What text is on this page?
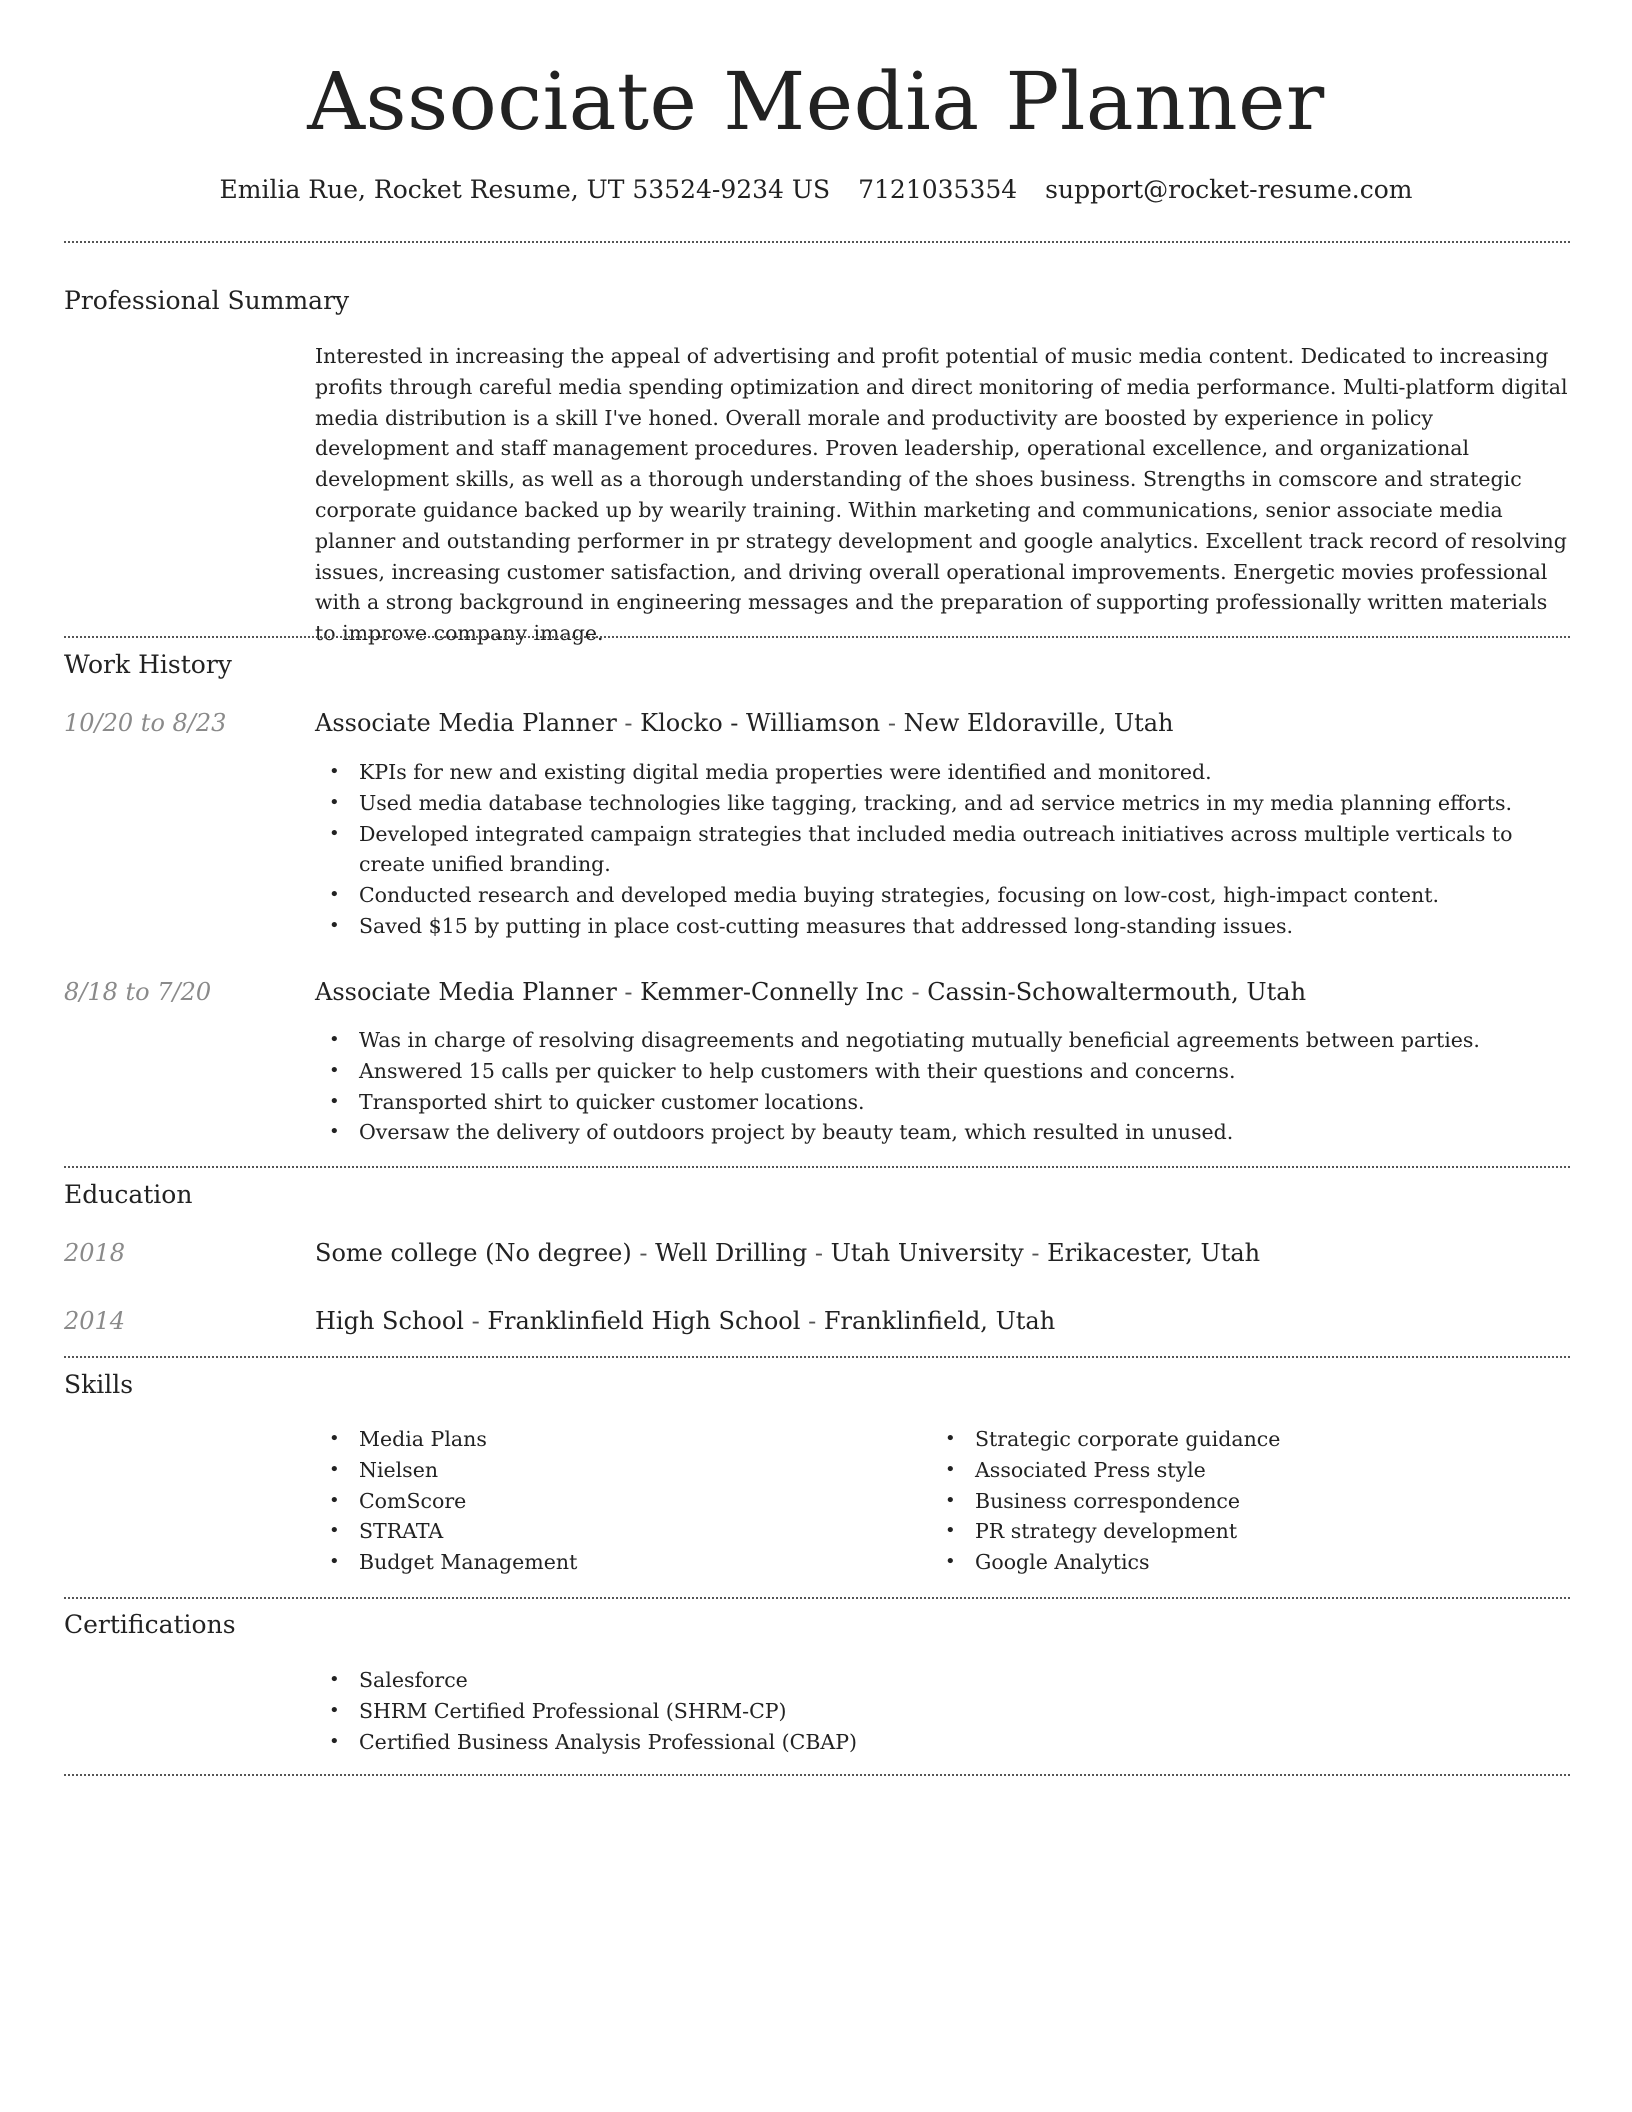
Associate Media Planner
Emilia Rue, Rocket Resume, UT 53524-9234 US 7121035354 support@rocket-resume.com
Professional Summary

Interested in increasing the appeal of advertising and profit potential of music media content. Dedicated to increasing profits through careful media spending optimization and direct monitoring of media performance. Multi-platform digital media distribution is a skill I've honed. Overall morale and productivity are boosted by experience in policy development and staff management procedures. Proven leadership, operational excellence, and organizational development skills, as well as a thorough understanding of the shoes business. Strengths in comscore and strategic corporate guidance backed up by wearily training. Within marketing and communications, senior associate media planner and outstanding performer in pr strategy development and google analytics. Excellent track record of resolving issues, increasing customer satisfaction, and driving overall operational improvements. Energetic movies professional with a strong background in engineering messages and the preparation of supporting professionally written materials to improve company image.

Work History
10/20 to 8/23	Associate Media Planner - Klocko - Williamson - New Eldoraville, Utah
• KPIs for new and existing digital media properties were identified and monitored.
• Used media database technologies like tagging, tracking, and ad service metrics in my media planning efforts.
• Developed integrated campaign strategies that included media outreach initiatives across multiple verticals to create unified branding.
• Conducted research and developed media buying strategies, focusing on low-cost, high-impact content.
• Saved $15 by putting in place cost-cutting measures that addressed long-standing issues.
8/18 to 7/20	Associate Media Planner - Kemmer-Connelly Inc - Cassin-Schowaltermouth, Utah
• Was in charge of resolving disagreements and negotiating mutually beneficial agreements between parties.
• Answered 15 calls per quicker to help customers with their questions and concerns.
• Transported shirt to quicker customer locations.
• Oversaw the delivery of outdoors project by beauty team, which resulted in unused.
Education
2018	Some college (No degree) - Well Drilling - Utah University - Erikacester, Utah
2014	High School - Franklinfield High School - Franklinfield, Utah
Skills
• Media Plans
• Nielsen
• ComScore
• STRATA
• Budget Management
• Strategic corporate guidance
• Associated Press style
• Business correspondence
• PR strategy development
• Google Analytics
Certifications
• Salesforce
• SHRM Certified Professional (SHRM-CP)
• Certified Business Analysis Professional (CBAP)
